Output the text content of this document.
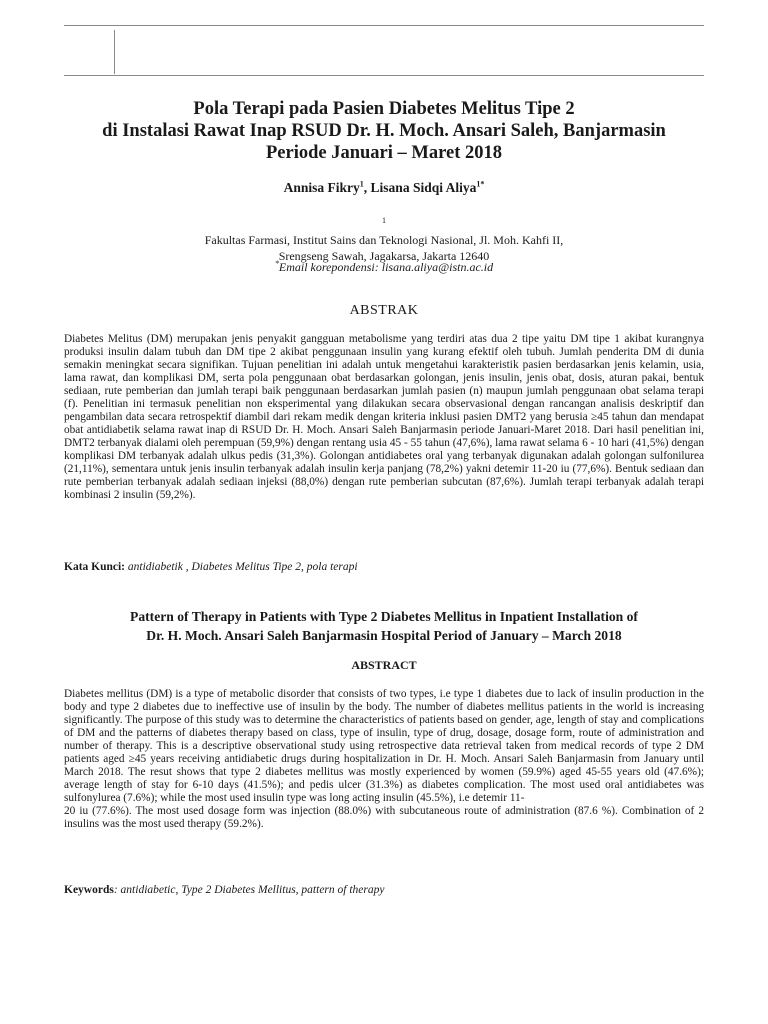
Pola Terapi pada Pasien Diabetes Melitus Tipe 2
di Instalasi Rawat Inap RSUD Dr. H. Moch. Ansari Saleh, Banjarmasin
Periode Januari – Maret 2018
Annisa Fikry$^1$, Lisana Sidqi Aliya$^{1*}$
$^1$
Fakultas Farmasi, Institut Sains dan Teknologi Nasional, Jl. Moh. Kahfi II,
Srengseng Sawah, Jagakarsa, Jakarta 12640
*Email korepondensi: lisana.aliya@istn.ac.id
ABSTRAK

Diabetes Melitus (DM) merupakan jenis penyakit gangguan metabolisme yang terdiri atas dua 2 tipe yaitu DM tipe 1 akibat kurangnya produksi insulin dalam tubuh dan DM tipe 2 akibat penggunaan insulin yang kurang efektif oleh tubuh. Jumlah penderita DM di dunia semakin meningkat secara signifikan. Tujuan penelitian ini adalah untuk mengetahui karakteristik pasien berdasarkan jenis kelamin, usia, lama rawat, dan komplikasi DM, serta pola penggunaan obat berdasarkan golongan, jenis insulin, jenis obat, dosis, aturan pakai, bentuk sediaan, rute pemberian dan jumlah terapi baik penggunaan berdasarkan jumlah pasien (n) maupun jumlah penggunaan obat selama terapi (f). Penelitian ini termasuk penelitian non eksperimental yang dilakukan secara observasional dengan rancangan analisis deskriptif dan pengambilan data secara retrospektif diambil dari rekam medik dengan kriteria inklusi pasien DMT2 yang berusia ≥45 tahun dan mendapat obat antidiabetik selama rawat inap di RSUD Dr. H. Moch. Ansari Saleh Banjarmasin periode Januari-Maret 2018. Dari hasil penelitian ini, DMT2 terbanyak dialami oleh perempuan (59,9%) dengan rentang usia 45 - 55 tahun (47,6%), lama rawat selama 6 - 10 hari (41,5%) dengan komplikasi DM terbanyak adalah ulkus pedis (31,3%). Golongan antidiabetes oral yang terbanyak digunakan adalah golongan sulfonilurea (21,11%), sementara untuk jenis insulin terbanyak adalah insulin kerja panjang (78,2%) yakni detemir 11-20 iu (77,6%). Bentuk sediaan dan rute pemberian terbanyak adalah sediaan injeksi (88,0%) dengan rute pemberian subcutan (87,6%). Jumlah terapi terbanyak adalah terapi kombinasi 2 insulin (59,2%).

Kata Kunci: antidiabetik , Diabetes Melitus Tipe 2, pola terapi
Pattern of Therapy in Patients with Type 2 Diabetes Mellitus in Inpatient Installation of
Dr. H. Moch. Ansari Saleh Banjarmasin Hospital Period of January – March 2018
ABSTRACT

Diabetes mellitus (DM) is a type of metabolic disorder that consists of two types, i.e type 1 diabetes due to lack of insulin production in the body and type 2 diabetes due to ineffective use of insulin by the body. The number of diabetes mellitus patients in the world is increasing significantly. The purpose of this study was to determine the characteristics of patients based on gender, age, length of stay and complications of DM and the patterns of diabetes therapy based on class, type of insulin, type of drug, dosage, dosage form, route of administration and number of therapy. This is a descriptive observational study using retrospective data retrieval taken from medical records of type 2 DM patients aged ≥45 years receiving antidiabetic drugs during hospitalization in Dr. H. Moch. Ansari Saleh Banjarmasin from January until March 2018. The resut shows that type 2 diabetes mellitus was mostly experienced by women (59.9%) aged 45-55 years old (47.6%); average length of stay for 6-10 days (41.5%); and pedis ulcer (31.3%) as diabetes complication. The most used oral antidiabetes was sulfonylurea (7.6%); while the most used insulin type was long acting insulin (45.5%), i.e detemir 11-
20 iu (77.6%). The most used dosage form was injection (88.0%) with subcutaneous route of administration (87.6 %). Combination of 2 insulins was the most used therapy (59.2%).

Keywords: antidiabetic, Type 2 Diabetes Mellitus, pattern of therapy
